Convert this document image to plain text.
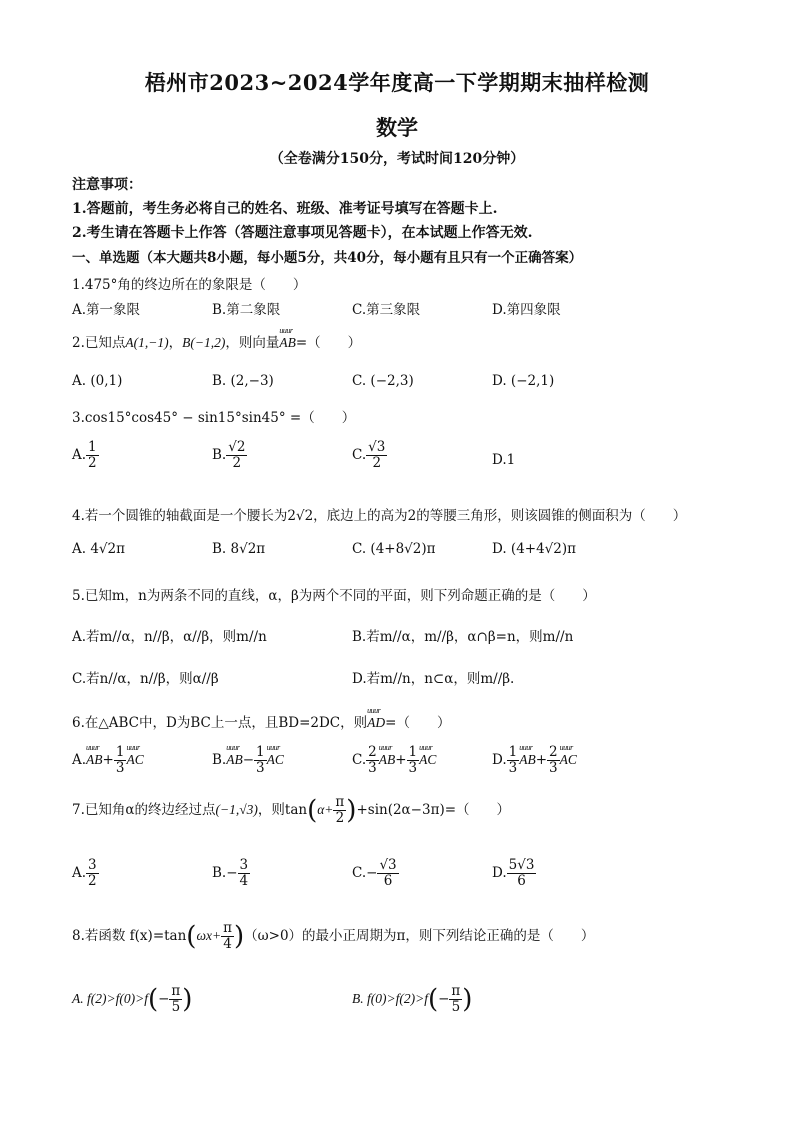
梧州市2023~2024学年度高一下学期期末抽样检测
数学
（全卷满分150分，考试时间120分钟）
注意事项：
1.答题前，考生务必将自己的姓名、班级、准考证号填写在答题卡上.
2.考生请在答题卡上作答（答题注意事项见答题卡），在本试题上作答无效.
一、单选题（本大题共8小题，每小题5分，共40分，每小题有且只有一个正确答案）
1.475°角的终边所在的象限是（　　）
A.第一象限	B.第二象限	C.第三象限	D.第四象限
2.已知点A(1,−1)，B(−1,2)，则向量uuur AB=（　　）
A. (0,1)	B. (2,−3)	C. (−2,3)	D. (−2,1)
3.cos15°cos45° − sin15°sin45° =（　　）
A. $\frac{1}{2}$	B. $\frac{√2}{2}$	C. $\frac{√3}{2}$	D.1
4.若一个圆锥的轴截面是一个腰长为2√2，底边上的高为2的等腰三角形，则该圆锥的侧面积为（　　）
A. 4√2π	B. 8√2π	C. (4+8√2)π	D. (4+4√2)π
5.已知m，n为两条不同的直线，α，β为两个不同的平面，则下列命题正确的是（　　）
A.若m//α，n//β，α//β，则m//n	B.若m//α，m//β，α∩β=n，则m//n
C.若n//α，n//β，则α//β	D.若m//n，n⊂α，则m//β.
6.在△ABC中，D为BC上一点，且BD=2DC，则uuur AD=（　　）
A.uuur $AB+ \frac{1}{3}$ uuur AC	B.uuur $AB- \frac{1}{3}$ uuur AC	C. $\frac{2}{3}$ uuur $AB+ \frac{1}{3}$ uuur AC	D. $\frac{1}{3}$ uuur $AB+ \frac{2}{3}$ uuur AC
7.已知角α的终边经过点(−1,√3)，则$\tan(\alpha+ \frac{\pi}{2} )+\sin(2\alpha-3\pi)=$（　　）
A. $\frac{3}{2}$	$B.- \frac{3}{4}$	$C.- \frac{√3}{6}$	D. $\frac{5√3}{6}$
8.若函数 $f(x)=\tan(\omega x+ \frac{\pi}{4} )(\omega>0)$的最小正周期为π，则下列结论正确的是（　　）
A. $f(2)>f(0)>f(- \frac{\pi}{5}$ )	B. $f(0)>f(2)>f(- \frac{\pi}{5}$ )
